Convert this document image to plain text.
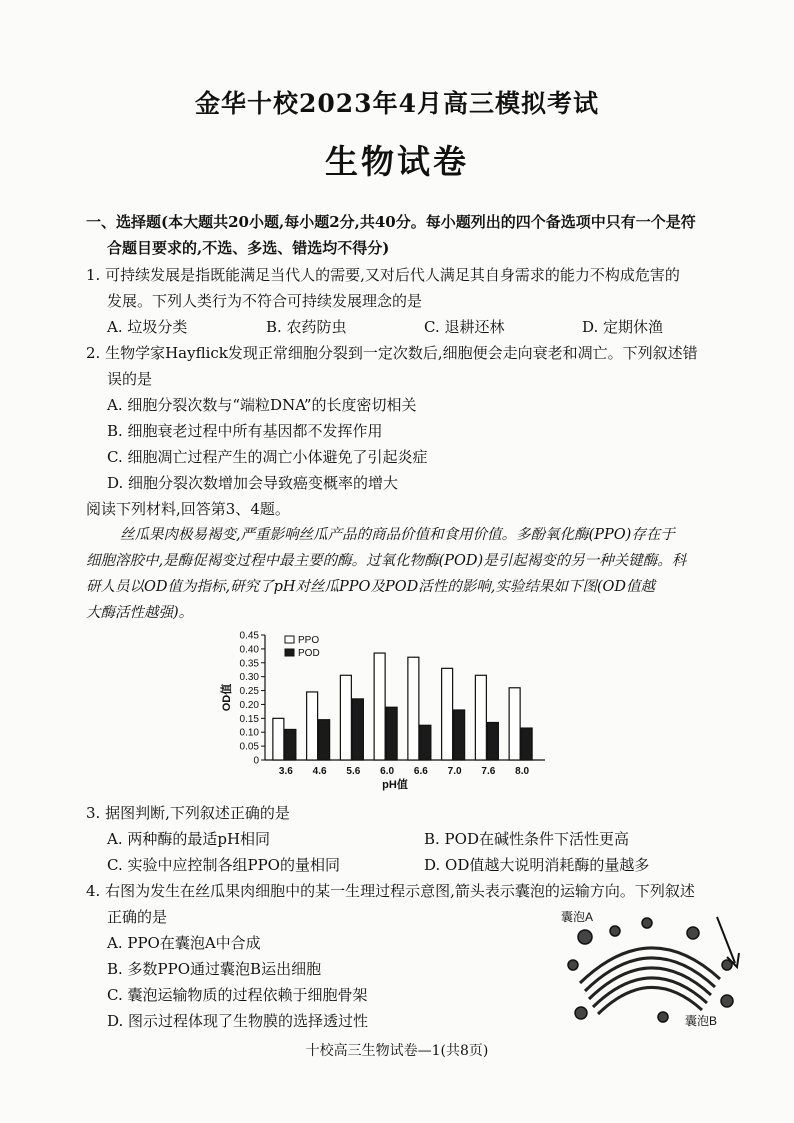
金华十校2023年4月高三模拟考试
生物试卷
一、选择题(本大题共20小题,每小题2分,共40分。每小题列出的四个备选项中只有一个是符
合题目要求的,不选、多选、错选均不得分)
1. 可持续发展是指既能满足当代人的需要,又对后代人满足其自身需求的能力不构成危害的
发展。下列人类行为不符合可持续发展理念的是
A. 垃圾分类	B. 农药防虫	C. 退耕还林	D. 定期休渔
2. 生物学家Hayflick发现正常细胞分裂到一定次数后,细胞便会走向衰老和凋亡。下列叙述错
误的是
A. 细胞分裂次数与“端粒DNA”的长度密切相关
B. 细胞衰老过程中所有基因都不发挥作用
C. 细胞凋亡过程产生的凋亡小体避免了引起炎症
D. 细胞分裂次数增加会导致癌变概率的增大
阅读下列材料,回答第3、4题。
丝瓜果肉极易褐变,严重影响丝瓜产品的商品价值和食用价值。多酚氧化酶(PPO)存在于
细胞溶胶中,是酶促褐变过程中最主要的酶。过氧化物酶(POD)是引起褐变的另一种关键酶。科
研人员以OD值为指标,研究了pH对丝瓜PPO及POD活性的影响,实验结果如下图(OD值越
大酶活性越强)。
0
0.05
0.10
0.15
0.20
0.25
0.30
0.35
0.40
0.45
OD值
3.6 4.6 5.6 6.0 6.6 7.0 7.6 8.0
pH值
PPO
POD
3. 据图判断,下列叙述正确的是
A. 两种酶的最适pH相同	B. POD在碱性条件下活性更高
C. 实验中应控制各组PPO的量相同	D. OD值越大说明消耗酶的量越多
4. 右图为发生在丝瓜果肉细胞中的某一生理过程示意图,箭头表示囊泡的运输方向。下列叙述
正确的是
A. PPO在囊泡A中合成
B. 多数PPO通过囊泡B运出细胞
C. 囊泡运输物质的过程依赖于细胞骨架
D. 图示过程体现了生物膜的选择透过性
囊泡A
囊泡B
十校高三生物试卷—1(共8页)
